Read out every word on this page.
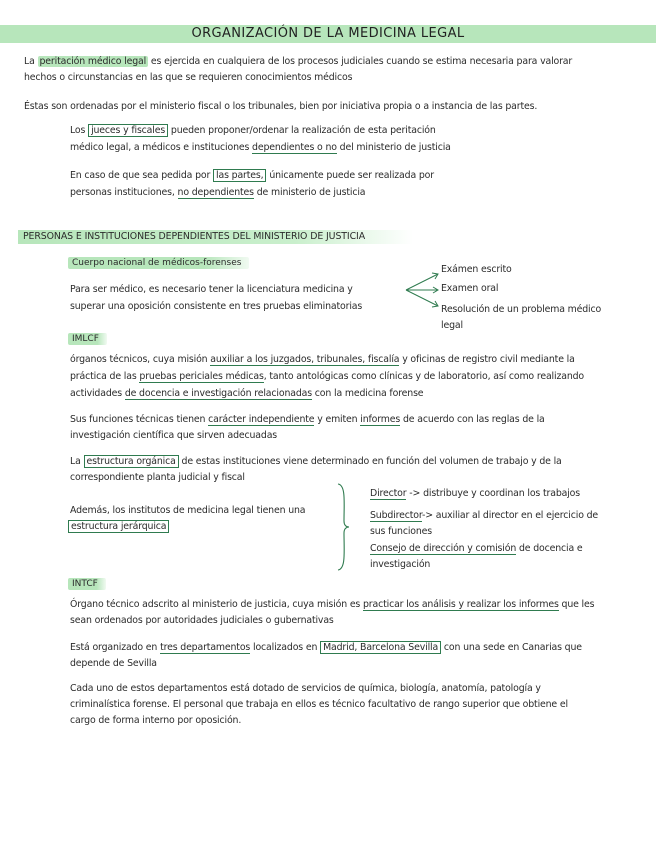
ORGANIZACIÓN DE LA MEDICINA LEGAL
La peritación médico legal es ejercida en cualquiera de los procesos judiciales cuando se estima necesaria para valorar
hechos o circunstancias en las que se requieren conocimientos médicos
Éstas son ordenadas por el ministerio fiscal o los tribunales, bien por iniciativa propia o a instancia de las partes.
Los jueces y fiscales pueden proponer/ordenar la realización de esta peritación
médico legal, a médicos e instituciones dependientes o no del ministerio de justicia
En caso de que sea pedida por las partes, únicamente puede ser realizada por
personas instituciones, no dependientes de ministerio de justicia
PERSONAS E INSTITUCIONES DEPENDIENTES DEL MINISTERIO DE JUSTICIA
Cuerpo nacional de médicos-forenses
Para ser médico, es necesario tener la licenciatura medicina y
superar una oposición consistente en tres pruebas eliminatorias
Exámen escrito
Examen oral
Resolución de un problema médico
legal
IMLCF
órganos técnicos, cuya misión auxiliar a los juzgados, tribunales, fiscalía y oficinas de registro civil mediante la
práctica de las pruebas periciales médicas, tanto antológicas como clínicas y de laboratorio, así como realizando
actividades de docencia e investigación relacionadas con la medicina forense
Sus funciones técnicas tienen carácter independiente y emiten informes de acuerdo con las reglas de la
investigación científica que sirven adecuadas
La estructura orgánica de estas instituciones viene determinado en función del volumen de trabajo y de la
correspondiente planta judicial y fiscal
Además, los institutos de medicina legal tienen una
estructura jerárquica
Director -> distribuye y coordinan los trabajos
Subdirector-> auxiliar al director en el ejercicio de
sus funciones
Consejo de dirección y comisión de docencia e
investigación
INTCF
Órgano técnico adscrito al ministerio de justicia, cuya misión es practicar los análisis y realizar los informes que les
sean ordenados por autoridades judiciales o gubernativas
Está organizado en tres departamentos localizados en Madrid, Barcelona Sevilla con una sede en Canarias que
depende de Sevilla
Cada uno de estos departamentos está dotado de servicios de química, biología, anatomía, patología y
criminalística forense. El personal que trabaja en ellos es técnico facultativo de rango superior que obtiene el
cargo de forma interno por oposición.
